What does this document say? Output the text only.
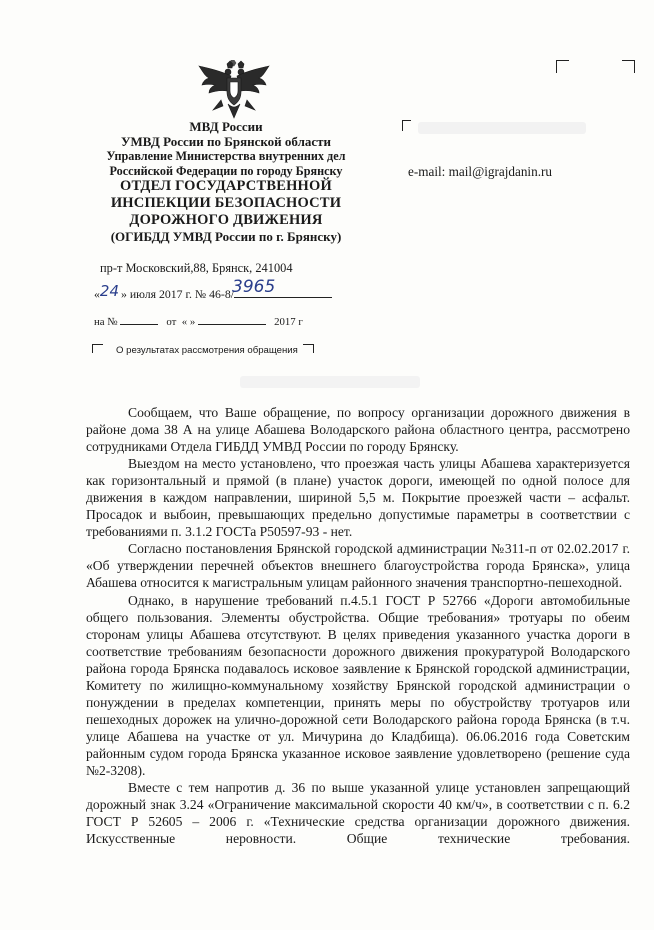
МВД России
УМВД России по Брянской области
Управление Министерства внутренних дел
Российской Федерации по городу Брянску
ОТДЕЛ ГОСУДАРСТВЕННОЙ
ИНСПЕКЦИИ БЕЗОПАСНОСТИ
ДОРОЖНОГО ДВИЖЕНИЯ
(ОГИБДД УМВД России по г. Брянску)
пр-т Московский,88, Брянск, 241004
«24 » июля 2017 г. № 46-8/
3965
на №	от « »	2017 г
О результатах рассмотрения обращения
e-mail: mail@igrajdanin.ru

Сообщаем, что Ваше обращение, по вопросу организации дорожного движения в районе дома 38 А на улице Абашева Володарского района областного центра, рассмотрено сотрудниками Отдела ГИБДД УМВД России по городу Брянску.

Выездом на место установлено, что проезжая часть улицы Абашева характеризуется как горизонтальный и прямой (в плане) участок дороги, имеющей по одной полосе для движения в каждом направлении, шириной 5,5 м. Покрытие проезжей части – асфальт. Просадок и выбоин, превышающих предельно допустимые параметры в соответствии с требованиями п. 3.1.2 ГОСТа Р50597-93 - нет.

Согласно постановления Брянской городской администрации №311-п от 02.02.2017 г. «Об утверждении перечней объектов внешнего благоустройства города Брянска», улица Абашева относится к магистральным улицам районного значения транспортно-пешеходной.

Однако, в нарушение требований п.4.5.1 ГОСТ Р 52766 «Дороги автомобильные общего пользования. Элементы обустройства. Общие требования» тротуары по обеим сторонам улицы Абашева отсутствуют. В целях приведения указанного участка дороги в соответствие требованиям безопасности дорожного движения прокуратурой Володарского района города Брянска подавалось исковое заявление к Брянской городской администрации, Комитету по жилищно-коммунальному хозяйству Брянской городской администрации о понуждении в пределах компетенции, принять меры по обустройству тротуаров или пешеходных дорожек на улично-дорожной сети Володарского района города Брянска (в т.ч. улице Абашева на участке от ул. Мичурина до Кладбища). 06.06.2016 года Советским районным судом города Брянска указанное исковое заявление удовлетворено (решение суда №2-3208).

Вместе с тем напротив д. 36 по выше указанной улице установлен запрещающий дорожный знак 3.24 «Ограничение максимальной скорости 40 км/ч», в соответствии с п. 6.2 ГОСТ Р 52605 – 2006 г. «Технические средства организации дорожного движения. Искусственные неровности. Общие технические требования.
